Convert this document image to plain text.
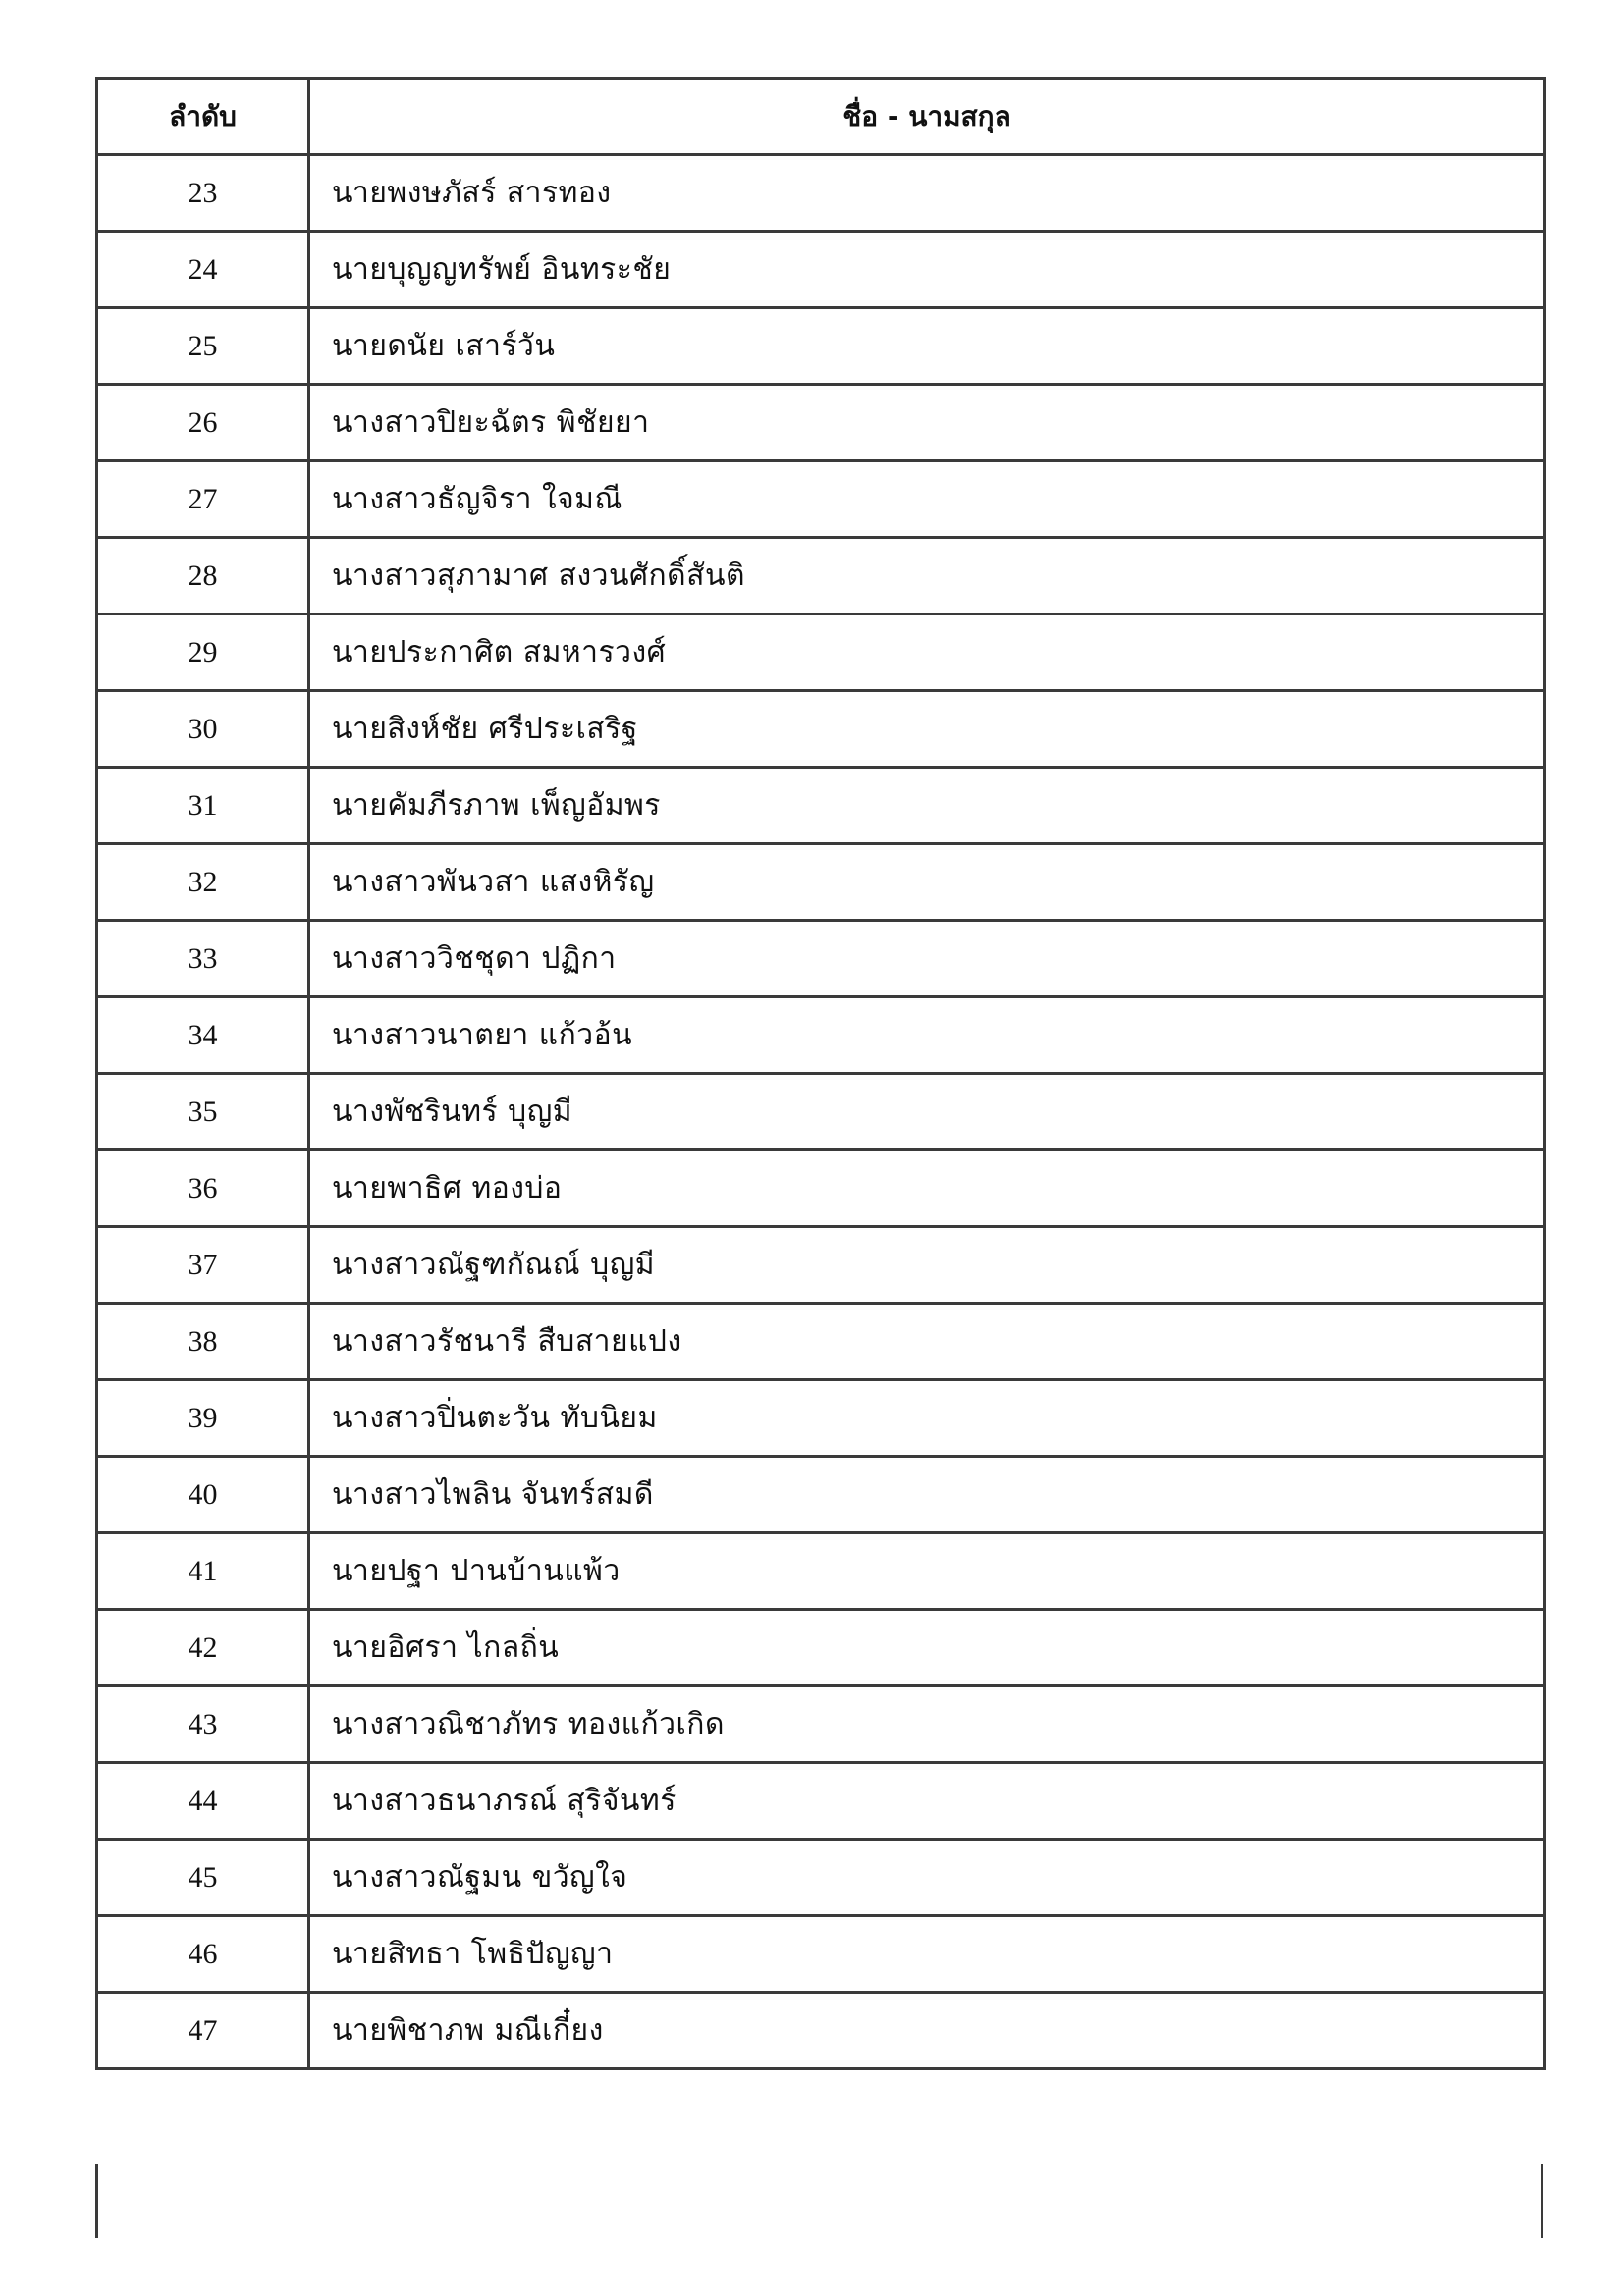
ลำดับ	ชื่อ - นามสกุล
23	นายพงษภัสร์ สารทอง
24	นายบุญญทรัพย์ อินทระชัย
25	นายดนัย เสาร์วัน
26	นางสาวปิยะฉัตร พิชัยยา
27	นางสาวธัญจิรา ใจมณี
28	นางสาวสุภามาศ สงวนศักดิ์สันติ
29	นายประกาศิต สมหารวงศ์
30	นายสิงห์ชัย ศรีประเสริฐ
31	นายคัมภีรภาพ เพ็ญอัมพร
32	นางสาวพันวสา แสงหิรัญ
33	นางสาววิชชุดา ปฏิกา
34	นางสาวนาตยา แก้วอ้น
35	นางพัชรินทร์ บุญมี
36	นายพาธิศ ทองบ่อ
37	นางสาวณัฐฑกัณณ์ บุญมี
38	นางสาวรัชนารี สืบสายแปง
39	นางสาวปิ่นตะวัน ทับนิยม
40	นางสาวไพลิน จันทร์สมดี
41	นายปฐา ปานบ้านแพ้ว
42	นายอิศรา ไกลถิ่น
43	นางสาวณิชาภัทร ทองแก้วเกิด
44	นางสาวธนาภรณ์ สุริจันทร์
45	นางสาวณัฐมน ขวัญใจ
46	นายสิทธา โพธิปัญญา
47	นายพิชาภพ มณีเกี๋ยง
